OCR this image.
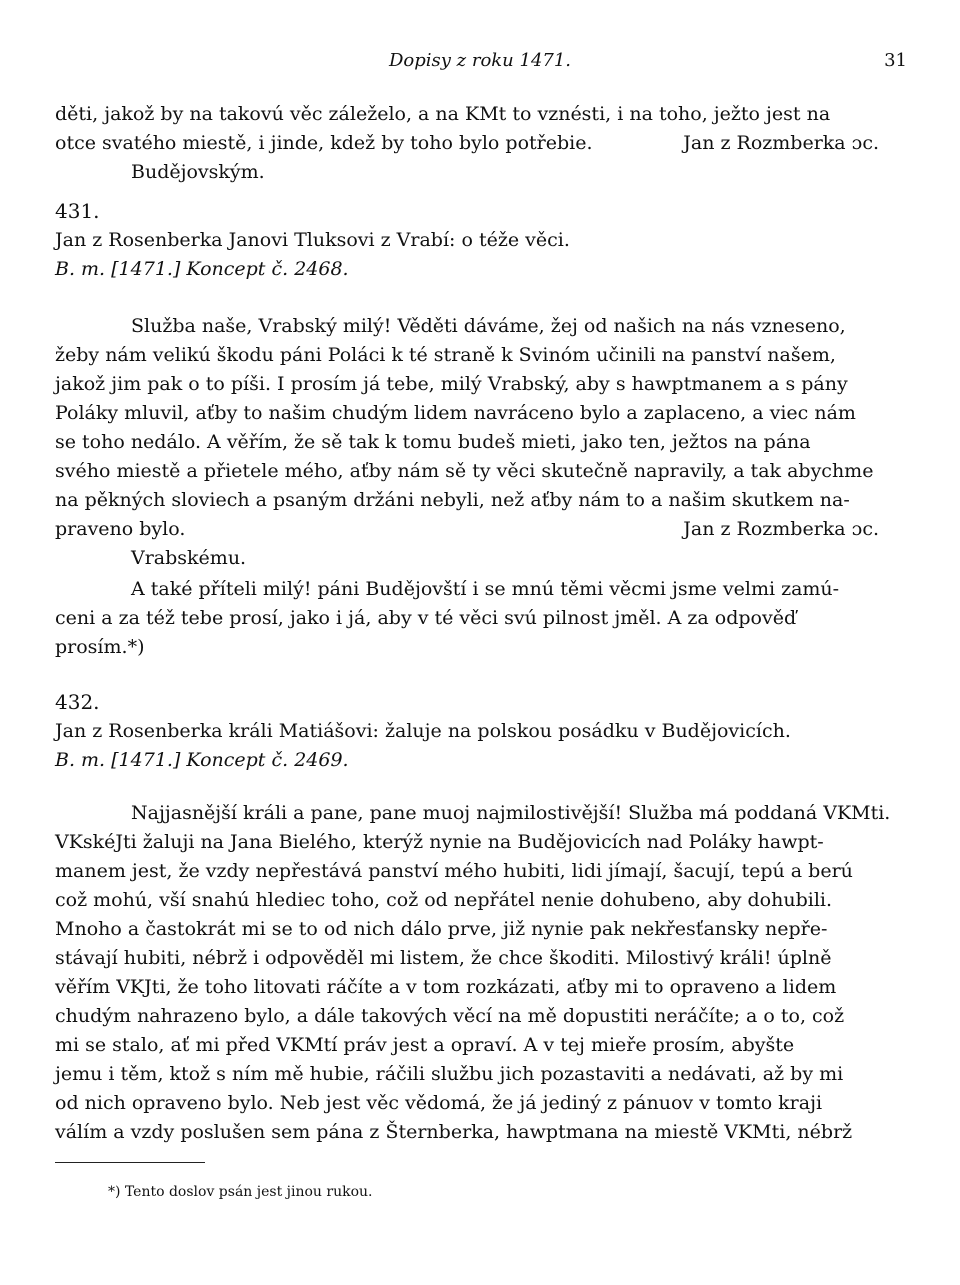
Dopisy z roku 1471.	31

děti, jakož by na takovú věc záleželo, a na KMt to vznésti, i na toho, ježto jest na

otce svatého miestě, i jinde, kdež by toho bylo potřebie.	Jan z Rozmberka ɔc.

Budějovským.

431.

Jan z Rosenberka Janovi Tluksovi z Vrabí: o téže věci.

B. m. [1471.] Koncept č. 2468.

Služba naše, Vrabský milý! Věděti dáváme, žej od našich na nás vzneseno,

žeby nám velikú škodu páni Poláci k té straně k Svinóm učinili na panství našem,

jakož jim pak o to píši. I prosím já tebe, milý Vrabský, aby s hawptmanem a s pány

Poláky mluvil, aťby to našim chudým lidem navráceno bylo a zaplaceno, a viec nám

se toho nedálo. A věřím, že sě tak k tomu budeš mieti, jako ten, ježtos na pána

svého miestě a přietele mého, aťby nám sě ty věci skutečně napravily, a tak abychme

na pěkných sloviech a psaným držáni nebyli, než aťby nám to a našim skutkem na-

praveno bylo.	Jan z Rozmberka ɔc.

Vrabskému.

A také příteli milý! páni Budějovští i se mnú těmi věcmi jsme velmi zamú-

ceni a za též tebe prosí, jako i já, aby v té věci svú pilnost jměl. A za odpověď

prosím.*)

432.

Jan z Rosenberka králi Matiášovi: žaluje na polskou posádku v Budějovicích.

B. m. [1471.] Koncept č. 2469.

Najjasnější králi a pane, pane muoj najmilostivější! Služba má poddaná VKMti.

VKskéJti žaluji na Jana Bielého, kterýž nynie na Budějovicích nad Poláky hawpt-

manem jest, že vzdy nepřestává panství mého hubiti, lidi jímají, šacují, tepú a berú

což mohú, vší snahú hlediec toho, což od nepřátel nenie dohubeno, aby dohubili.

Mnoho a častokrát mi se to od nich dálo prve, již nynie pak nekřesťansky nepře-

stávají hubiti, nébrž i odpověděl mi listem, že chce škoditi. Milostivý králi! úplně

věřím VKJti, že toho litovati ráčíte a v tom rozkázati, aťby mi to opraveno a lidem

chudým nahrazeno bylo, a dále takových věcí na mě dopustiti neráčíte; a o to, což

mi se stalo, ať mi před VKMtí práv jest a opraví. A v tej mieře prosím, abyšte

jemu i těm, ktož s ním mě hubie, ráčili službu jich pozastaviti a nedávati, až by mi

od nich opraveno bylo. Neb jest věc vědomá, že já jediný z pánuov v tomto kraji

válím a vzdy poslušen sem pána z Šternberka, hawptmana na miestě VKMti, nébrž

*) Tento doslov psán jest jinou rukou.
